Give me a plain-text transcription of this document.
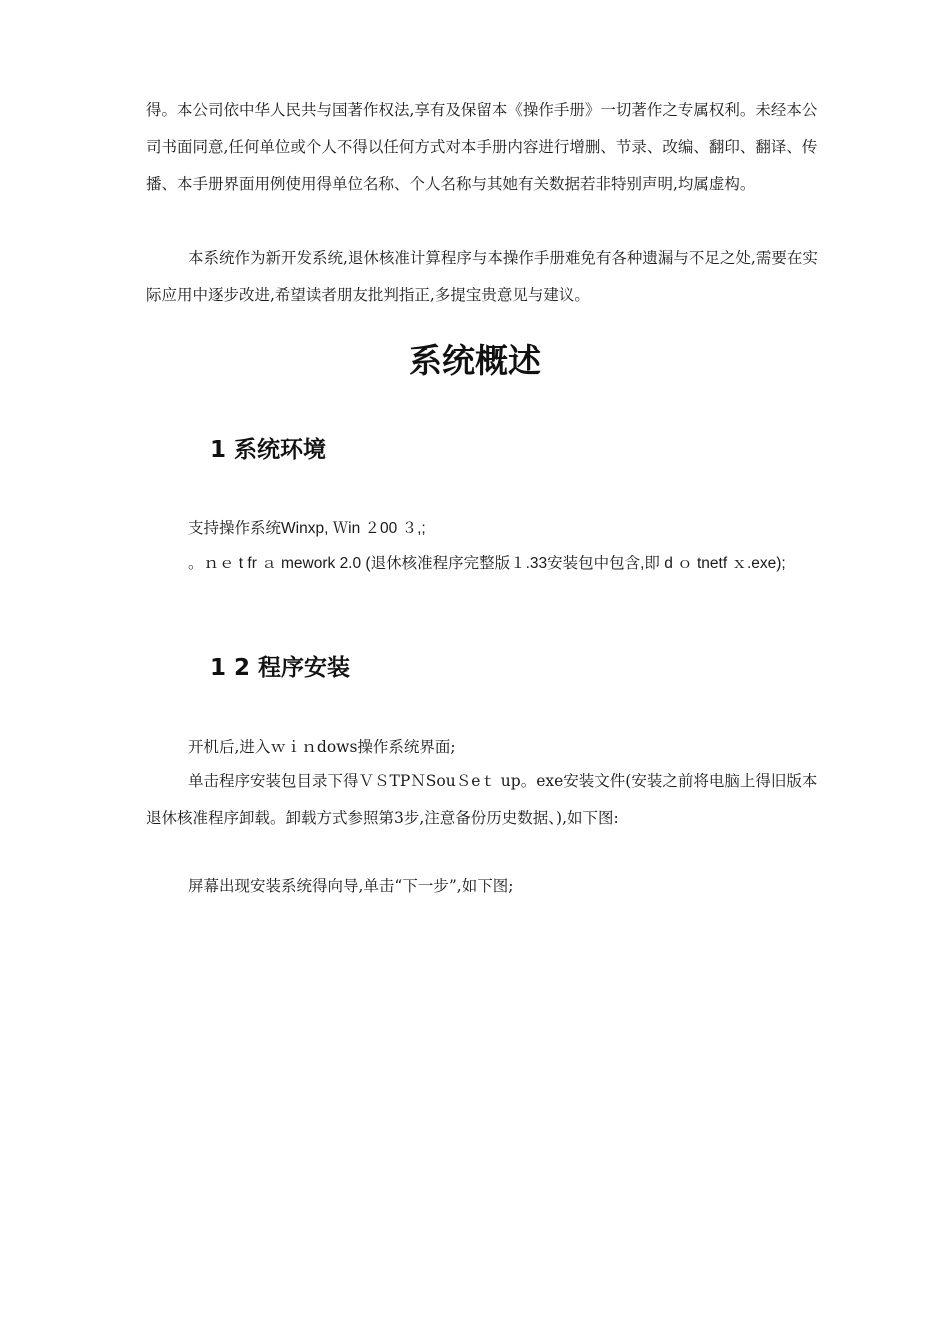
得。本公司依中华人民共与国著作权法,享有及保留本《操作手册》一切著作之专属权利。未经本公司书面同意,任何单位或个人不得以任何方式对本手册内容进行增删、节录、改编、翻印、翻译、传播、本手册界面用例使用得单位名称、个人名称与其她有关数据若非特别声明,均属虚构。
本系统作为新开发系统,退休核准计算程序与本操作手册难免有各种遗漏与不足之处,需要在实际应用中逐步改进,希望读者朋友批判指正,多提宝贵意见与建议。
系统概述
1 系统环境
支持操作系统Winxp, Ｗin ２00 ３,;
。ｎｅ t fr ａ mework 2.0 (退休核准程序完整版１.33安装包中包含,即 d ｏ tnetf ｘ.exe);
1 2 程序安装
开机后,进入ｗｉｎdows操作系统界面;
单击程序安装包目录下得ＶＳTPＮSouＳeｔ up。exe安装文件(安装之前将电脑上得旧版本退休核准程序卸载。卸载方式参照第3步,注意备份历史数据、),如下图:
屏幕出现安装系统得向导,单击“下一步”,如下图;
